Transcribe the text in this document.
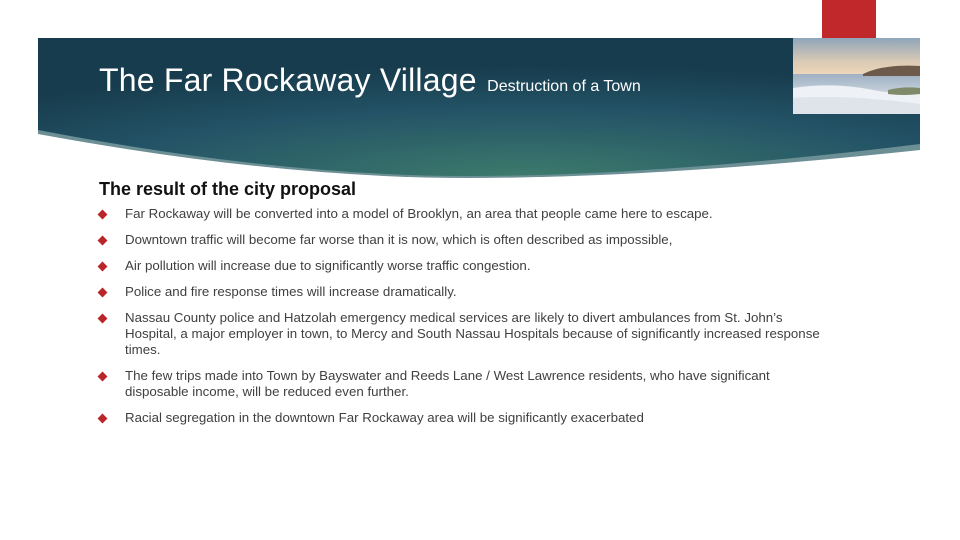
The Far Rockaway Village Destruction of a Town
The result of the city proposal
Far Rockaway will be converted into a model of Brooklyn, an area that people came here to escape.
Downtown traffic will become far worse than it is now, which is often described as impossible,
Air pollution will increase due to significantly worse traffic congestion.
Police and fire response times will increase dramatically.
Nassau County police and Hatzolah emergency medical services are likely to divert ambulances from St. John’s Hospital, a major employer in town, to Mercy and South Nassau Hospitals because of significantly increased response times.
The few trips made into Town by Bayswater and Reeds Lane / West Lawrence residents, who have significant disposable income, will be reduced even further.
Racial segregation in the downtown Far Rockaway area will be significantly exacerbated
